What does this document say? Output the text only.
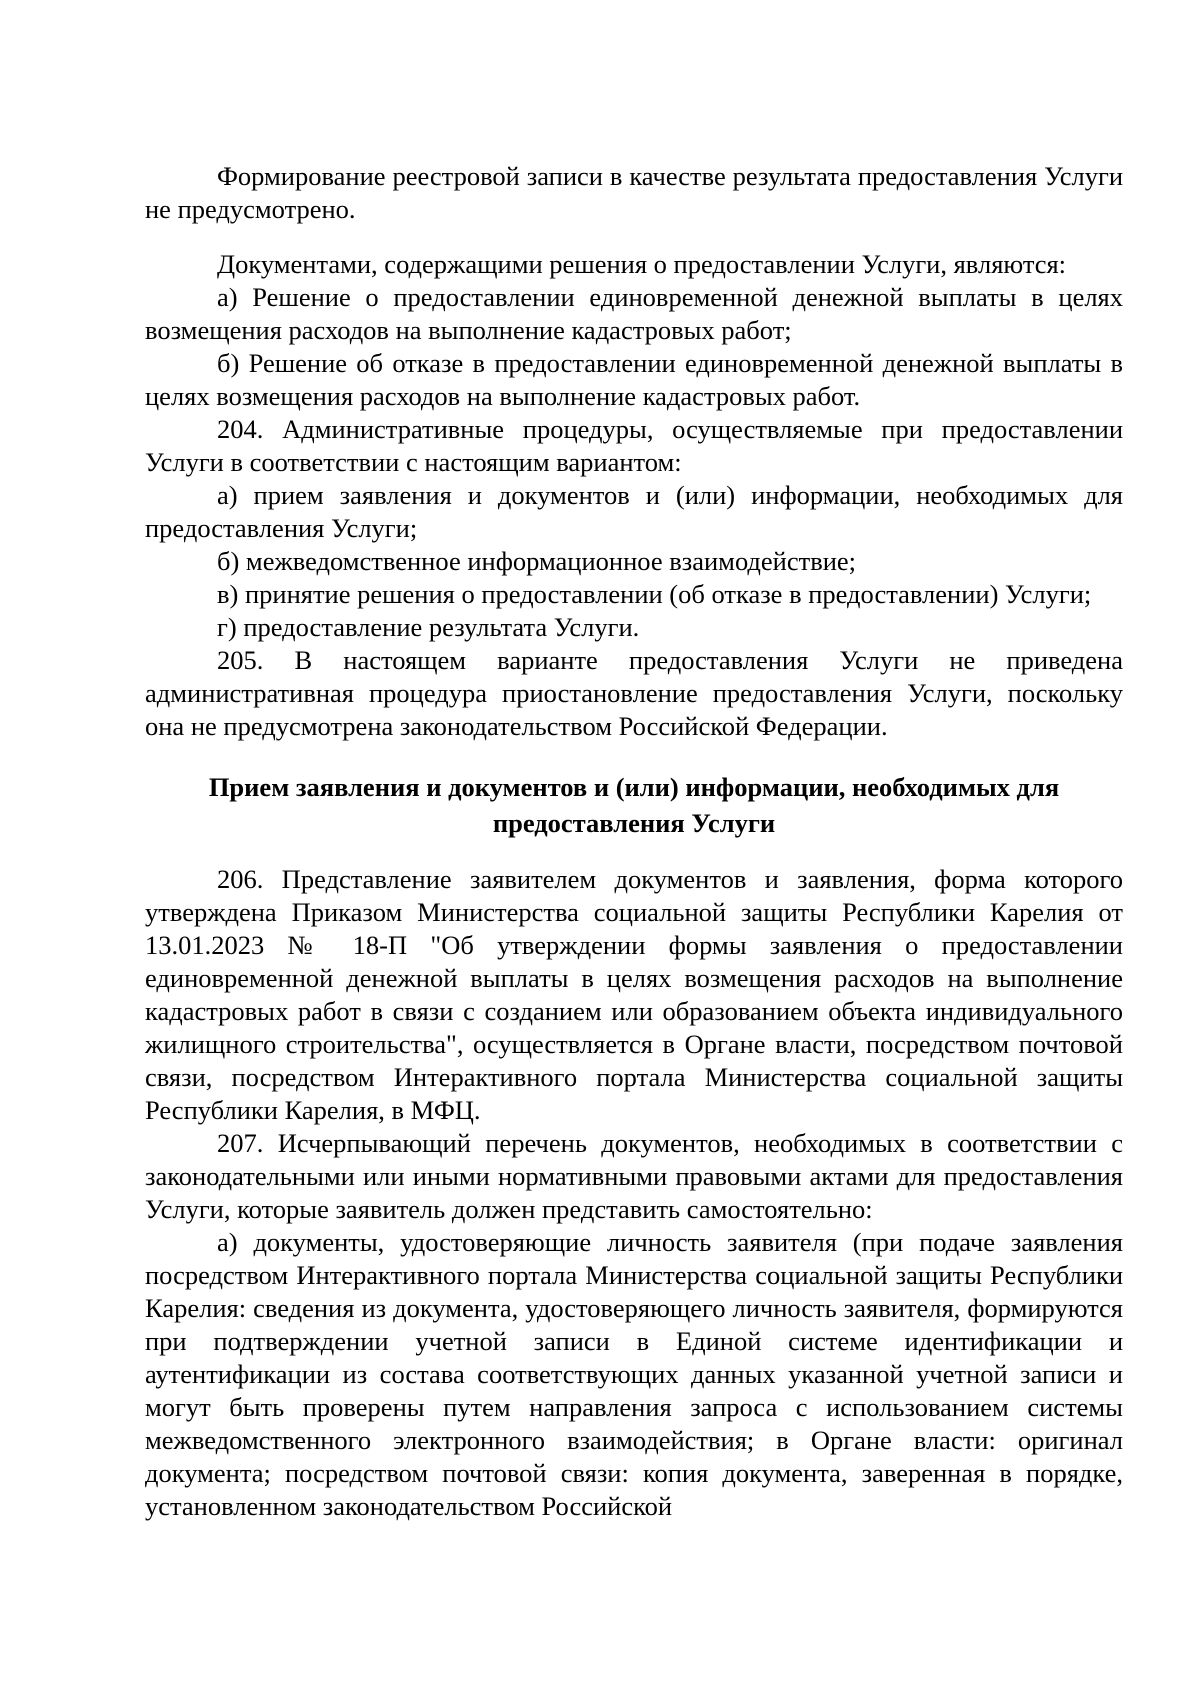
Формирование реестровой записи в качестве результата предоставления Услуги не предусмотрено.

Документами, содержащими решения о предоставлении Услуги, являются:

а) Решение о предоставлении единовременной денежной выплаты в целях возмещения расходов на выполнение кадастровых работ;

б) Решение об отказе в предоставлении единовременной денежной выплаты в целях возмещения расходов на выполнение кадастровых работ.

204. Административные процедуры, осуществляемые при предоставлении Услуги в соответствии с настоящим вариантом:

а) прием заявления и документов и (или) информации, необходимых для предоставления Услуги;

б) межведомственное информационное взаимодействие;

в) принятие решения о предоставлении (об отказе в предоставлении) Услуги;

г) предоставление результата Услуги.

205. В настоящем варианте предоставления Услуги не приведена административная процедура приостановление предоставления Услуги, поскольку она не предусмотрена законодательством Российской Федерации.

Прием заявления и документов и (или) информации, необходимых для предоставления Услуги

206. Представление заявителем документов и заявления, форма которого утверждена Приказом Министерства социальной защиты Республики Карелия от 13.01.2023 № 18-П "Об утверждении формы заявления о предоставлении единовременной денежной выплаты в целях возмещения расходов на выполнение кадастровых работ в связи с созданием или образованием объекта индивидуального жилищного строительства", осуществляется в Органе власти, посредством почтовой связи, посредством Интерактивного портала Министерства социальной защиты Республики Карелия, в МФЦ.

207. Исчерпывающий перечень документов, необходимых в соответствии с законодательными или иными нормативными правовыми актами для предоставления Услуги, которые заявитель должен представить самостоятельно:

а) документы, удостоверяющие личность заявителя (при подаче заявления посредством Интерактивного портала Министерства социальной защиты Республики Карелия: сведения из документа, удостоверяющего личность заявителя, формируются при подтверждении учетной записи в Единой системе идентификации и аутентификации из состава соответствующих данных указанной учетной записи и могут быть проверены путем направления запроса с использованием системы межведомственного электронного взаимодействия; в Органе власти: оригинал документа; посредством почтовой связи: копия документа, заверенная в порядке, установленном законодательством Российской
